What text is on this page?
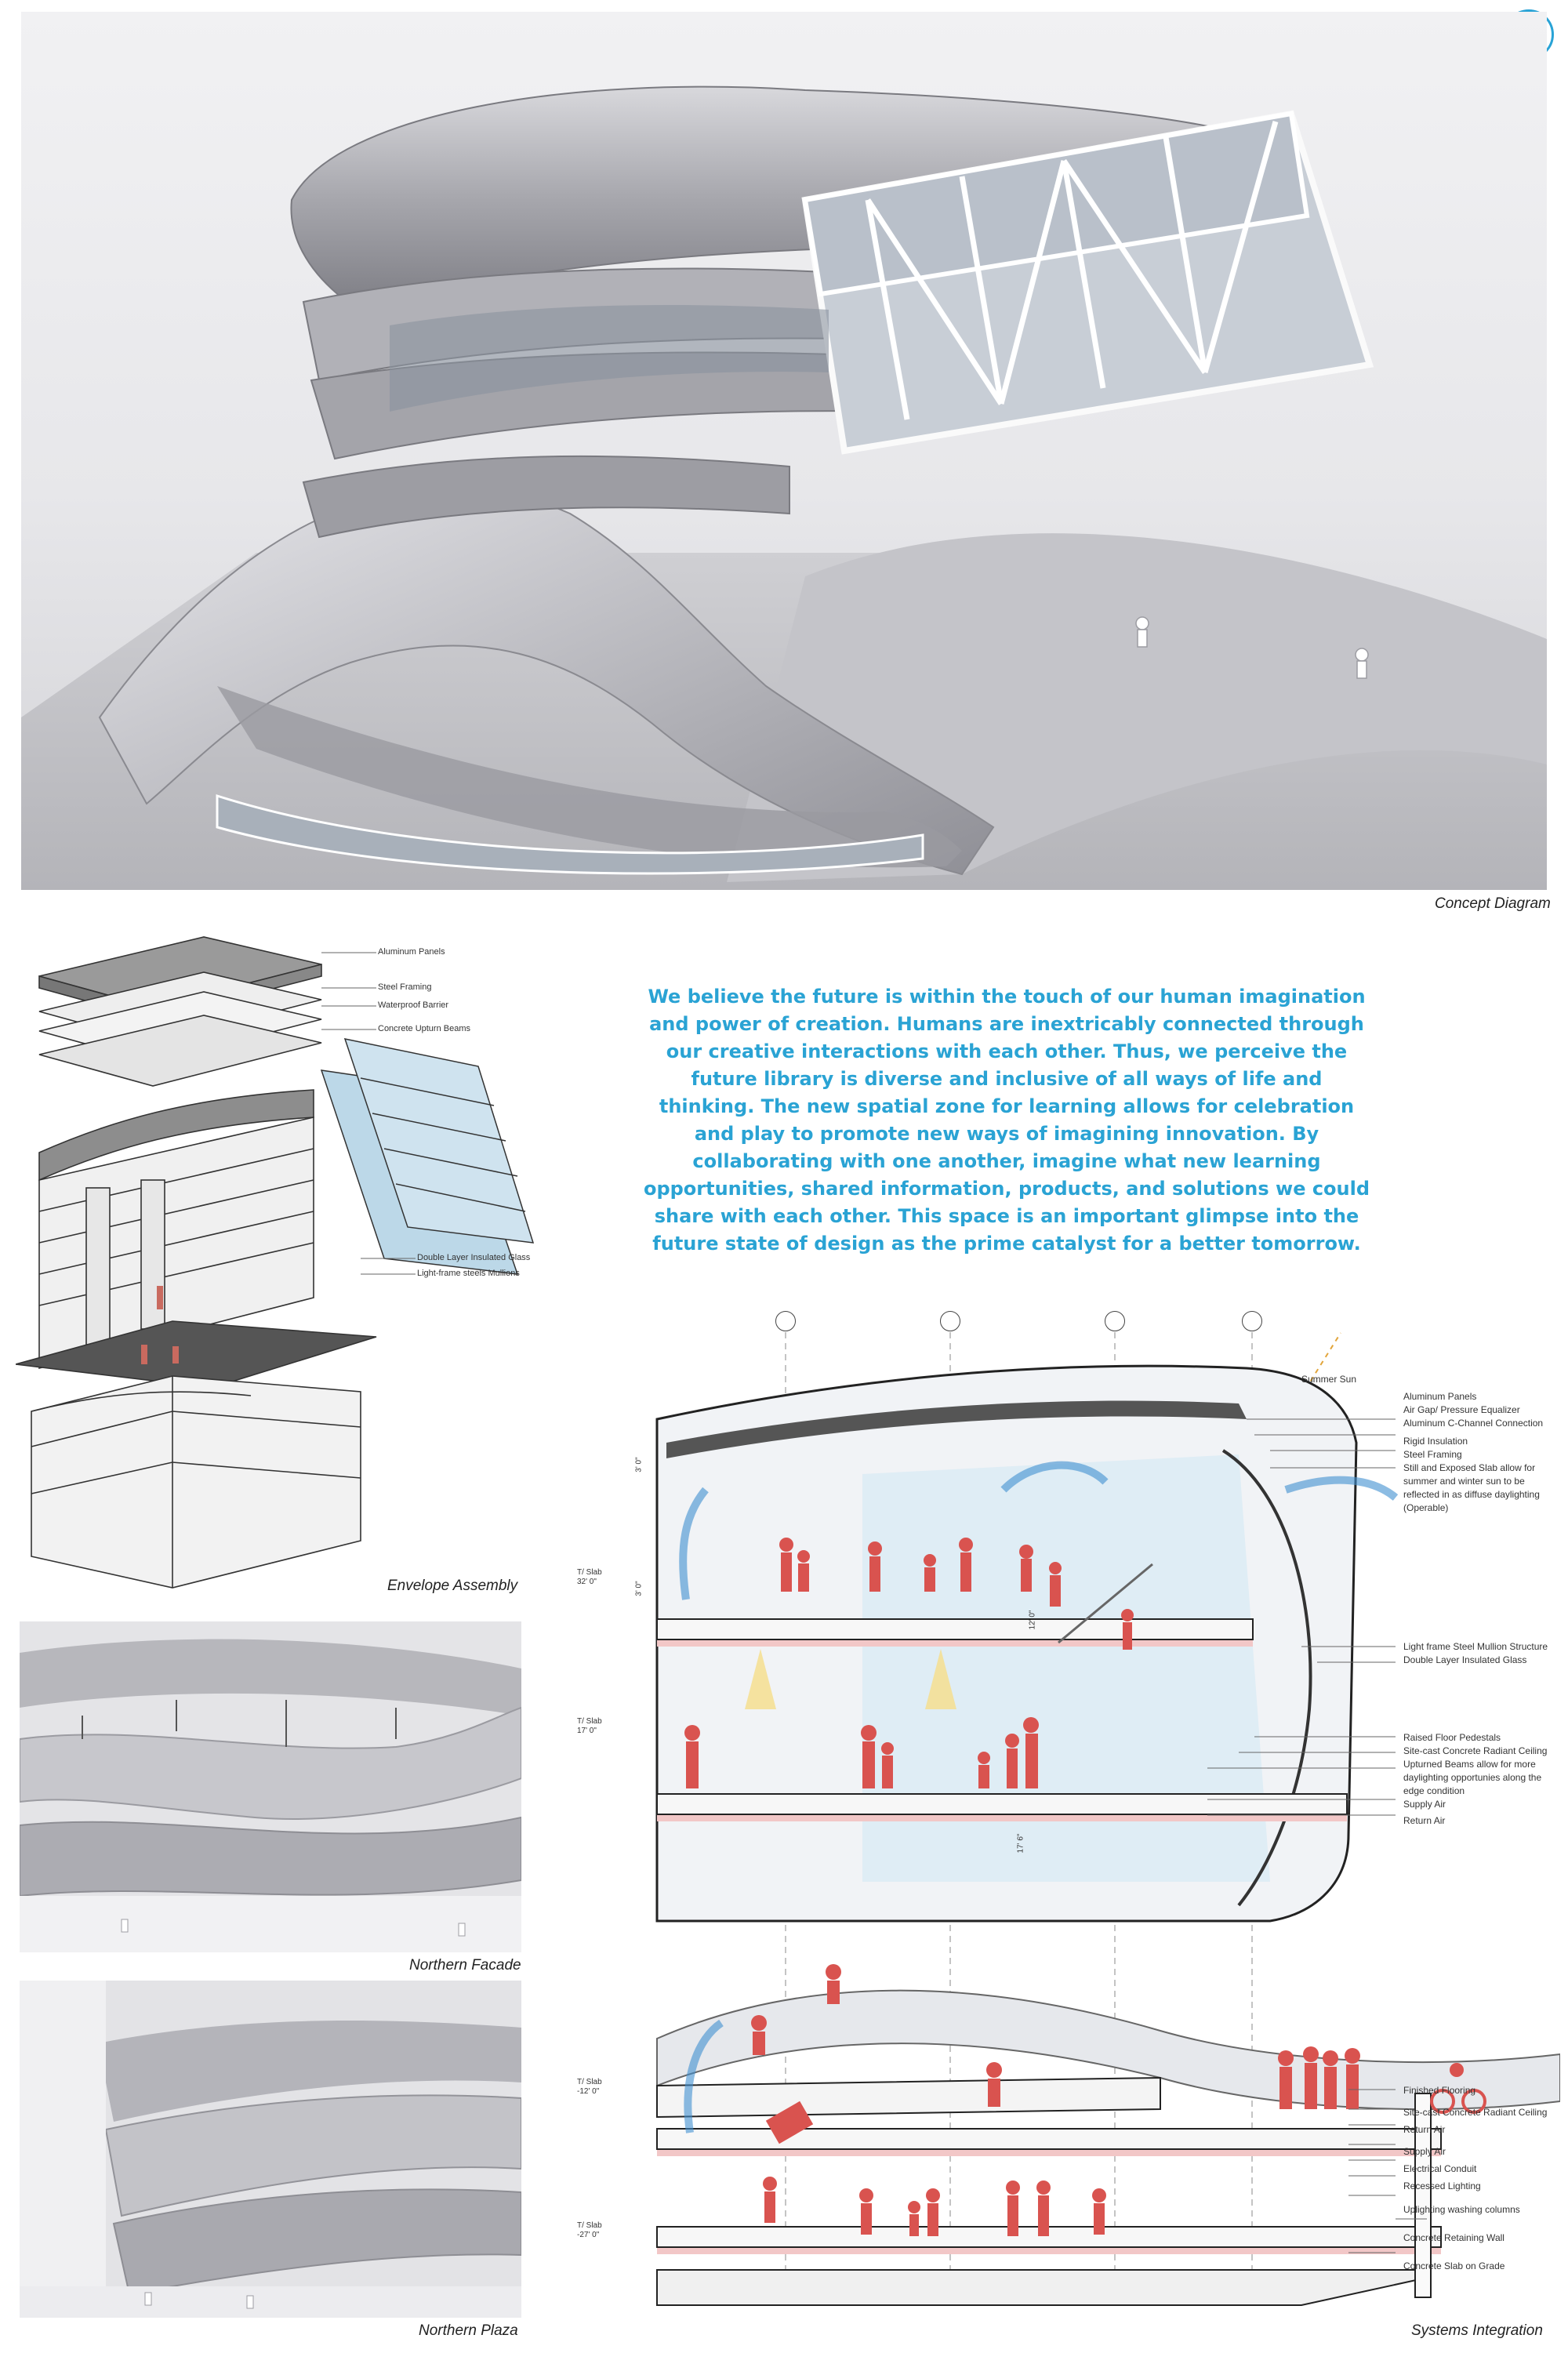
Concept Diagram
Aluminum Panels
Steel Framing
Waterproof Barrier
Concrete Upturn Beams
Double Layer Insulated Glass
Light-frame steels Mullions
Envelope Assembly
Northern Facade
Northern Plaza
We believe the future is within the touch of our human imagination and power of creation. Humans are inextricably connected through our creative interactions with each other. Thus, we perceive the future library is diverse and inclusive of all ways of life and thinking. The new spatial zone for learning allows for celebration and play to promote new ways of imagining innovation. By collaborating with one another, imagine what new learning opportunities, shared information, products, and solutions we could share with each other. This space is an important glimpse into the future state of design as the prime catalyst for a better tomorrow.
Summer Sun
Aluminum Panels
Air Gap/ Pressure Equalizer
Aluminum C-Channel Connection
Rigid Insulation
Steel Framing
Still and Exposed Slab allow for summer and winter sun to be reflected in as diffuse daylighting (Operable)
Light frame Steel Mullion Structure
Double Layer Insulated Glass
Raised Floor Pedestals
Site-cast Concrete Radiant Ceiling
Upturned Beams allow for more daylighting opportunies along the edge condition
Supply Air
Return Air
Finished Flooring
Site-cast Concrete Radiant Ceiling
Return Air
Supply Air
Electrical Conduit
Recessed Lighting
Uplighting washing columns
Concrete Retaining Wall
Concrete Slab on Grade
T/ Slab
32' 0"
T/ Slab
17' 0"
T/ Slab
-12' 0"
T/ Slab
-27' 0"
3' 0"
3' 0"
17' 6"
12' 0"
Systems Integration
